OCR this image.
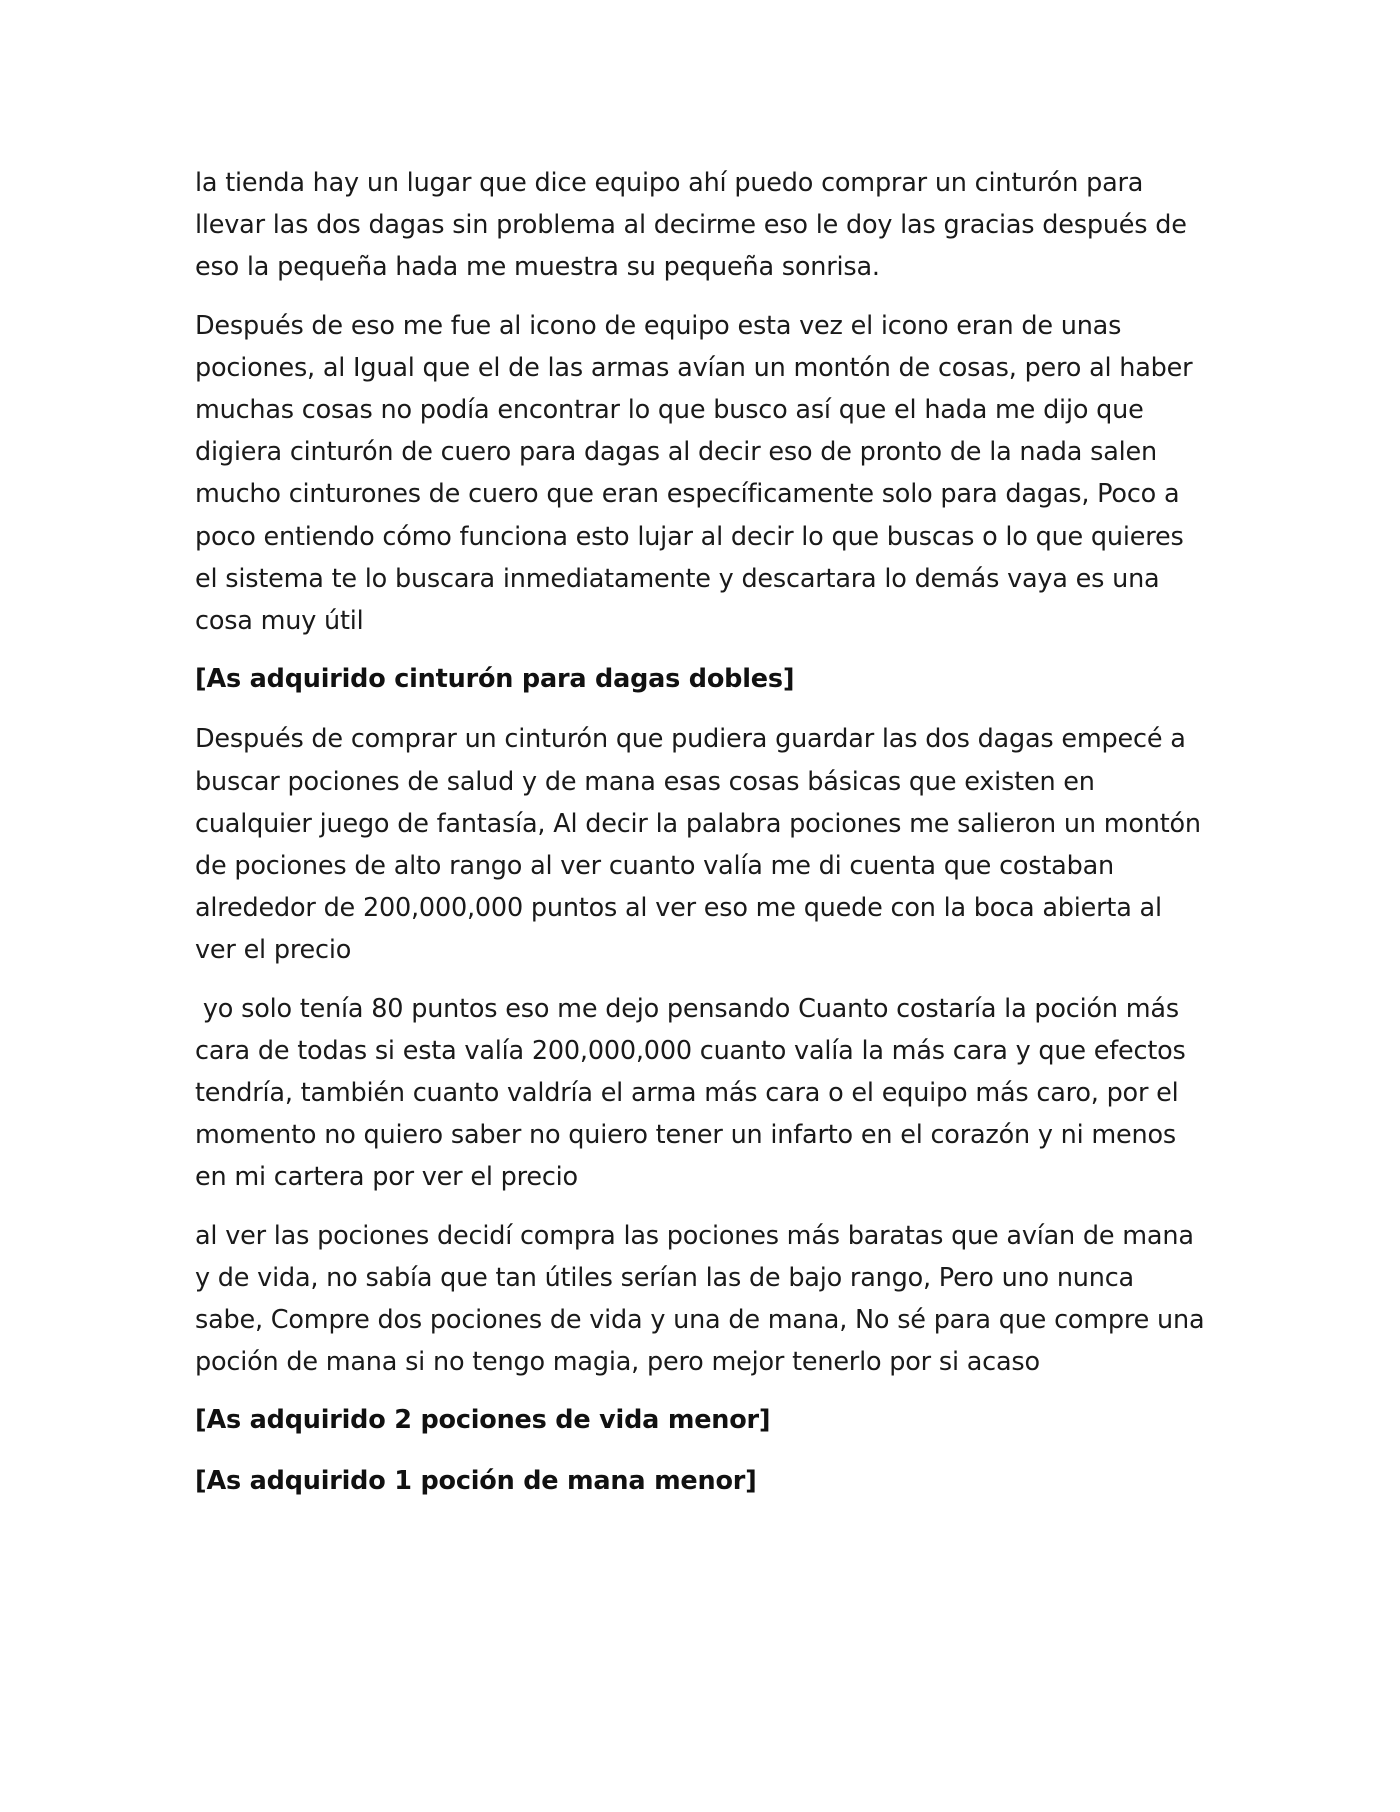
la tienda hay un lugar que dice equipo ahí puedo comprar un cinturón para llevar las dos dagas sin problema al decirme eso le doy las gracias después de eso la pequeña hada me muestra su pequeña sonrisa.

Después de eso me fue al icono de equipo esta vez el icono eran de unas pociones, al Igual que el de las armas avían un montón de cosas, pero al haber muchas cosas no podía encontrar lo que busco así que el hada me dijo que digiera cinturón de cuero para dagas al decir eso de pronto de la nada salen mucho cinturones de cuero que eran específicamente solo para dagas, Poco a poco entiendo cómo funciona esto lujar al decir lo que buscas o lo que quieres el sistema te lo buscara inmediatamente y descartara lo demás vaya es una cosa muy útil

[As adquirido cinturón para dagas dobles]

Después de comprar un cinturón que pudiera guardar las dos dagas empecé a buscar pociones de salud y de mana esas cosas básicas que existen en cualquier juego de fantasía, Al decir la palabra pociones me salieron un montón de pociones de alto rango al ver cuanto valía me di cuenta que costaban alrededor de 200,000,000 puntos al ver eso me quede con la boca abierta al ver el precio

yo solo tenía 80 puntos eso me dejo pensando Cuanto costaría la poción más cara de todas si esta valía 200,000,000 cuanto valía la más cara y que efectos tendría, también cuanto valdría el arma más cara o el equipo más caro, por el momento no quiero saber no quiero tener un infarto en el corazón y ni menos en mi cartera por ver el precio

al ver las pociones decidí compra las pociones más baratas que avían de mana y de vida, no sabía que tan útiles serían las de bajo rango, Pero uno nunca sabe, Compre dos pociones de vida y una de mana, No sé para que compre una poción de mana si no tengo magia, pero mejor tenerlo por si acaso

[As adquirido 2 pociones de vida menor]

[As adquirido 1 poción de mana menor]
